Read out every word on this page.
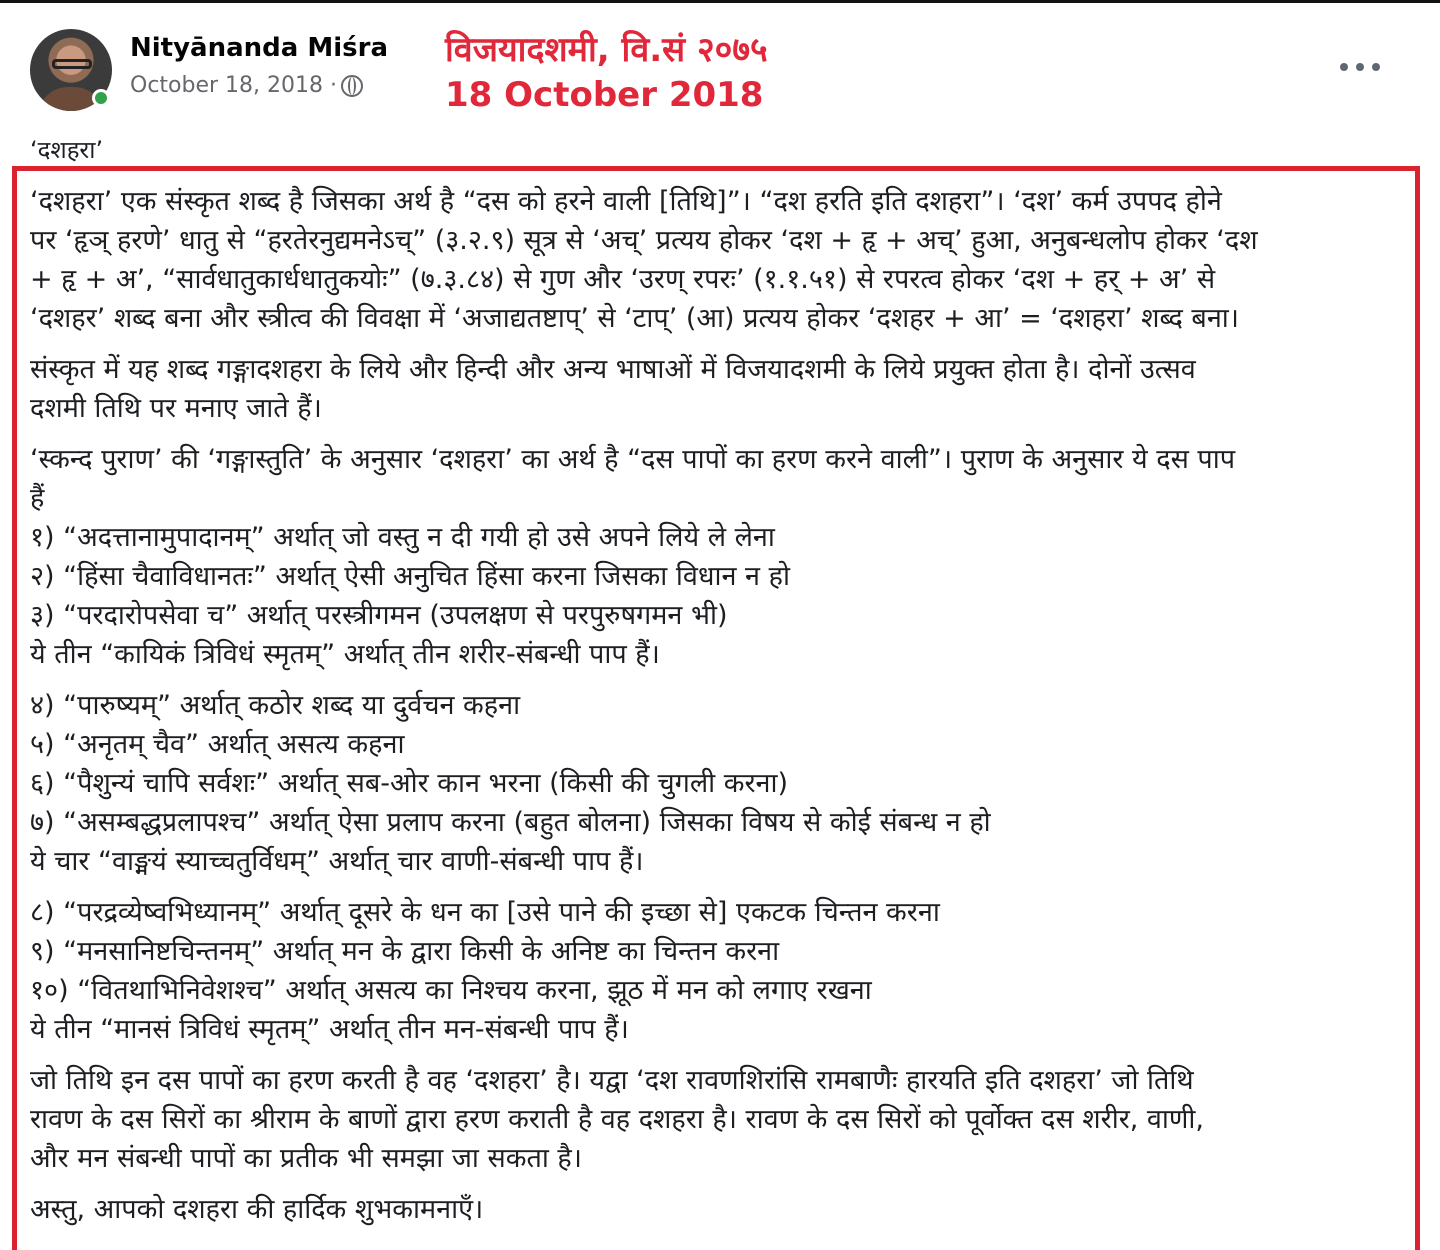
Nityānanda Miśra
October 18, 2018 ·
विजयादशमी, वि.सं २०७५
18 October 2018
‘दशहरा’

‘दशहरा’ एक संस्कृत शब्द है जिसका अर्थ है “दस को हरने वाली [तिथि]”। “दश हरति इति दशहरा”। ‘दश’ कर्म उपपद होने
पर ‘हृञ् हरणे’ धातु से “हरतेरनुद्यमनेऽच्” (३.२.९) सूत्र से ‘अच्’ प्रत्यय होकर ‘दश + हृ + अच्’ हुआ, अनुबन्धलोप होकर ‘दश
+ हृ + अ’, “सार्वधातुकार्धधातुकयोः” (७.३.८४) से गुण और ‘उरण् रपरः’ (१.१.५१) से रपरत्व होकर ‘दश + हर् + अ’ से
‘दशहर’ शब्द बना और स्त्रीत्व की विवक्षा में ‘अजाद्यतष्टाप्’ से ‘टाप्’ (आ) प्रत्यय होकर ‘दशहर + आ’ = ‘दशहरा’ शब्द बना।

संस्कृत में यह शब्द गङ्गादशहरा के लिये और हिन्दी और अन्य भाषाओं में विजयादशमी के लिये प्रयुक्त होता है। दोनों उत्सव
दशमी तिथि पर मनाए जाते हैं।

‘स्कन्द पुराण’ की ‘गङ्गास्तुति’ के अनुसार ‘दशहरा’ का अर्थ है “दस पापों का हरण करने वाली”। पुराण के अनुसार ये दस पाप
हैं
१) “अदत्तानामुपादानम्” अर्थात् जो वस्तु न दी गयी हो उसे अपने लिये ले लेना
२) “हिंसा चैवाविधानतः” अर्थात् ऐसी अनुचित हिंसा करना जिसका विधान न हो
३) “परदारोपसेवा च” अर्थात् परस्त्रीगमन (उपलक्षण से परपुरुषगमन भी)
ये तीन “कायिकं त्रिविधं स्मृतम्” अर्थात् तीन शरीर-संबन्धी पाप हैं।

४) “पारुष्यम्” अर्थात् कठोर शब्द या दुर्वचन कहना
५) “अनृतम् चैव” अर्थात् असत्य कहना
६) “पैशुन्यं चापि सर्वशः” अर्थात् सब-ओर कान भरना (किसी की चुगली करना)
७) “असम्बद्धप्रलापश्च” अर्थात् ऐसा प्रलाप करना (बहुत बोलना) जिसका विषय से कोई संबन्ध न हो
ये चार “वाङ्मयं स्याच्चतुर्विधम्” अर्थात् चार वाणी-संबन्धी पाप हैं।

८) “परद्रव्येष्वभिध्यानम्” अर्थात् दूसरे के धन का [उसे पाने की इच्छा से] एकटक चिन्तन करना
९) “मनसानिष्टचिन्तनम्” अर्थात् मन के द्वारा किसी के अनिष्ट का चिन्तन करना
१०) “वितथाभिनिवेशश्च” अर्थात् असत्य का निश्चय करना, झूठ में मन को लगाए रखना
ये तीन “मानसं त्रिविधं स्मृतम्” अर्थात् तीन मन-संबन्धी पाप हैं।

जो तिथि इन दस पापों का हरण करती है वह ‘दशहरा’ है। यद्वा ‘दश रावणशिरांसि रामबाणैः हारयति इति दशहरा’ जो तिथि
रावण के दस सिरों का श्रीराम के बाणों द्वारा हरण कराती है वह दशहरा है। रावण के दस सिरों को पूर्वोक्त दस शरीर, वाणी,
और मन संबन्धी पापों का प्रतीक भी समझा जा सकता है।

अस्तु, आपको दशहरा की हार्दिक शुभकामनाएँ।
